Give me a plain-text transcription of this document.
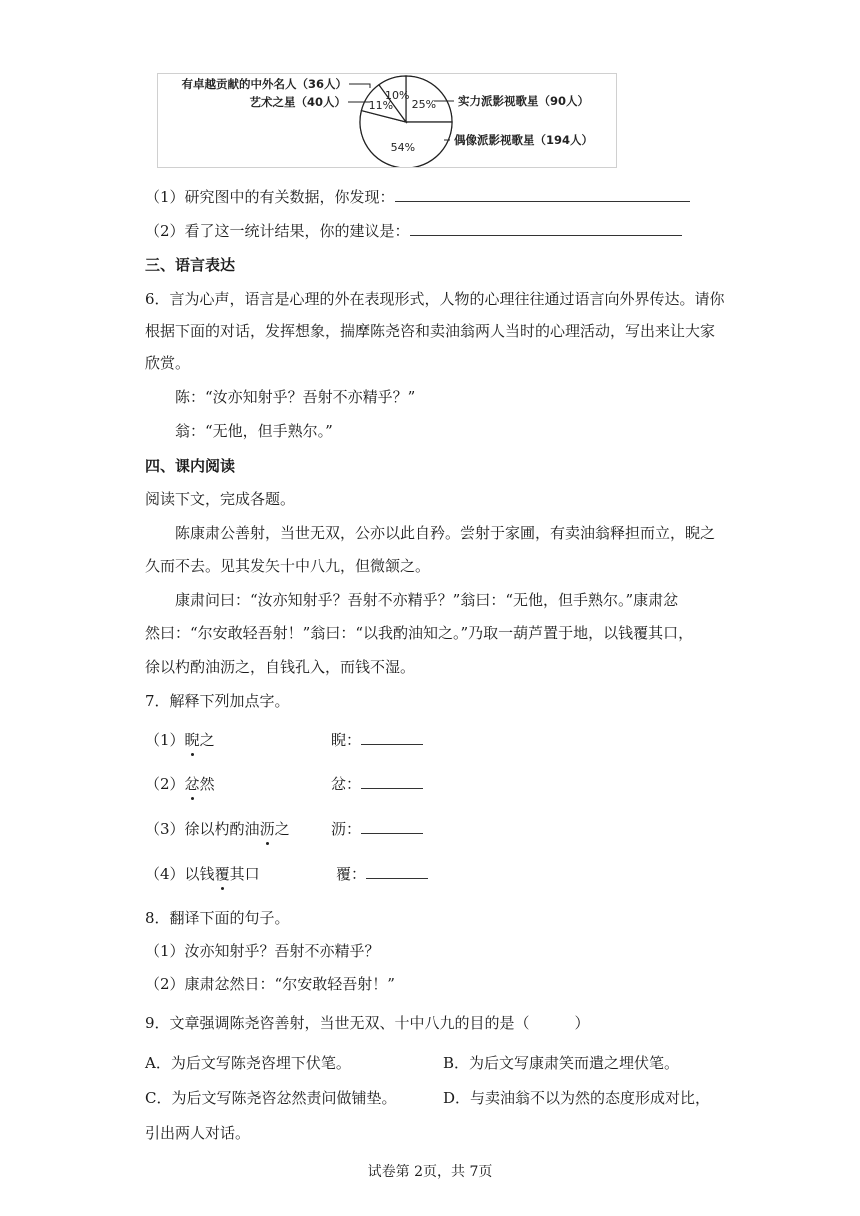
25%
54%
11%
10%	实力派影视歌星（90人）
偶像派影视歌星（194人）
艺术之星（40人）
有卓越贡献的中外名人（36人）
（1）研究图中的有关数据，你发现：
（2）看了这一统计结果，你的建议是：
三、语言表达
6．言为心声，语言是心理的外在表现形式，人物的心理往往通过语言向外界传达。请你根据下面的对话，发挥想象，揣摩陈尧咨和卖油翁两人当时的心理活动，写出来让大家欣赏。
陈：“汝亦知射乎？吾射不亦精乎？”
翁：“无他，但手熟尔。”
四、课内阅读
阅读下文，完成各题。
陈康肃公善射，当世无双，公亦以此自矜。尝射于家圃，有卖油翁释担而立，睨之
久而不去。见其发矢十中八九，但微颔之。
康肃问曰：“汝亦知射乎？吾射不亦精乎？”翁曰：“无他，但手熟尔。”康肃忿
然曰：“尔安敢轻吾射！”翁曰：“以我酌油知之。”乃取一葫芦置于地，以钱覆其口，
徐以杓酌油沥之，自钱孔入，而钱不湿。
7．解释下列加点字。
（1）睨之	睨：
（2）忿然	忿：
（3）徐以杓酌油沥之	沥：
（4）以钱覆其口	覆：
8．翻译下面的句子。
（1）汝亦知射乎？吾射不亦精乎？
（2）康肃忿然日：“尔安敢轻吾射！”
9．文章强调陈尧咨善射，当世无双、十中八九的目的是（　　　）
A．为后文写陈尧咨埋下伏笔。	B．为后文写康肃笑而遣之埋伏笔。
C．为后文写陈尧咨忿然责问做铺垫。	D．与卖油翁不以为然的态度形成对比，
引出两人对话。
试卷第 2页，共 7页
